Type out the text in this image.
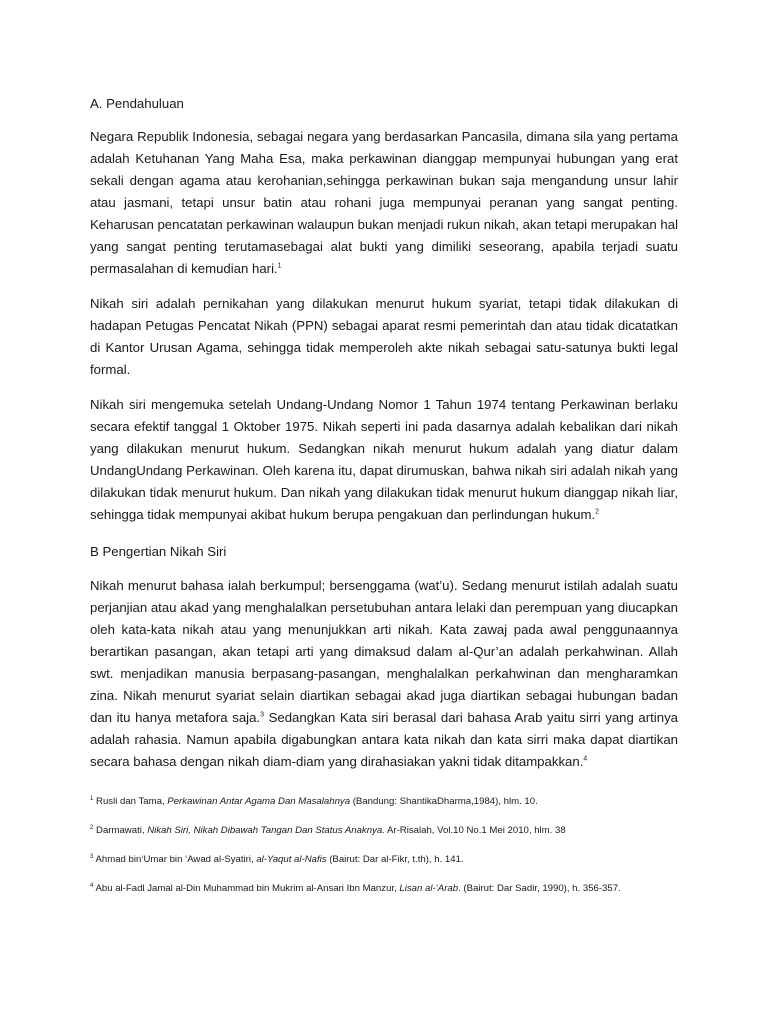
A. Pendahuluan

Negara Republik Indonesia, sebagai negara yang berdasarkan Pancasila, dimana sila yang pertama adalah Ketuhanan Yang Maha Esa, maka perkawinan dianggap mempunyai hubungan yang erat sekali dengan agama atau kerohanian,sehingga perkawinan bukan saja mengandung unsur lahir atau jasmani, tetapi unsur batin atau rohani juga mempunyai peranan yang sangat penting. Keharusan pencatatan perkawinan walaupun bukan menjadi rukun nikah, akan tetapi merupakan hal yang sangat penting terutamasebagai alat bukti yang dimiliki seseorang, apabila terjadi suatu permasalahan di kemudian hari.$^1$

Nikah siri adalah pernikahan yang dilakukan menurut hukum syariat, tetapi tidak dilakukan di hadapan Petugas Pencatat Nikah (PPN) sebagai aparat resmi pemerintah dan atau tidak dicatatkan di Kantor Urusan Agama, sehingga tidak memperoleh akte nikah sebagai satu-satunya bukti legal formal.

Nikah siri mengemuka setelah Undang-Undang Nomor 1 Tahun 1974 tentang Perkawinan berlaku secara efektif tanggal 1 Oktober 1975. Nikah seperti ini pada dasarnya adalah kebalikan dari nikah yang dilakukan menurut hukum. Sedangkan nikah menurut hukum adalah yang diatur dalam UndangUndang Perkawinan. Oleh karena itu, dapat dirumuskan, bahwa nikah siri adalah nikah yang dilakukan tidak menurut hukum. Dan nikah yang dilakukan tidak menurut hukum dianggap nikah liar, sehingga tidak mempunyai akibat hukum berupa pengakuan dan perlindungan hukum.$^2$

B Pengertian Nikah Siri

Nikah menurut bahasa ialah berkumpul; bersenggama (wat’u). Sedang menurut istilah adalah suatu perjanjian atau akad yang menghalalkan persetubuhan antara lelaki dan perempuan yang diucapkan oleh kata-kata nikah atau yang menunjukkan arti nikah. Kata zawaj pada awal penggunaannya berartikan pasangan, akan tetapi arti yang dimaksud dalam al-Qur’an adalah perkahwinan. Allah swt. menjadikan manusia berpasang-pasangan, menghalalkan perkahwinan dan mengharamkan zina. Nikah menurut syariat selain diartikan sebagai akad juga diartikan sebagai hubungan badan dan itu hanya metafora saja.$^3$ Sedangkan Kata siri berasal dari bahasa Arab yaitu sirri yang artinya adalah rahasia. Namun apabila digabungkan antara kata nikah dan kata sirri maka dapat diartikan secara bahasa dengan nikah diam-diam yang dirahasiakan yakni tidak ditampakkan.$^4$

$^1$ Rusli dan Tama, Perkawinan Antar Agama Dan Masalahnya (Bandung: ShantikaDharma,1984), hlm. 10.

$^2$ Darmawati, Nikah Siri, Nikah Dibawah Tangan Dan Status Anaknya. Ar-Risalah, Vol.10 No.1 Mei 2010, hlm. 38

$^3$ Ahmad bin‘Umar bin ‘Awad al-Syatiri, al-Yaqut al-Nafis (Bairut: Dar al-Fikr, t.th), h. 141.

$^4$ Abu al-Fadl Jamal al-Din Muhammad bin Mukrim al-Ansari Ibn Manzur, Lisan al-‘Arab. (Bairut: Dar Sadir, 1990), h. 356-357.
